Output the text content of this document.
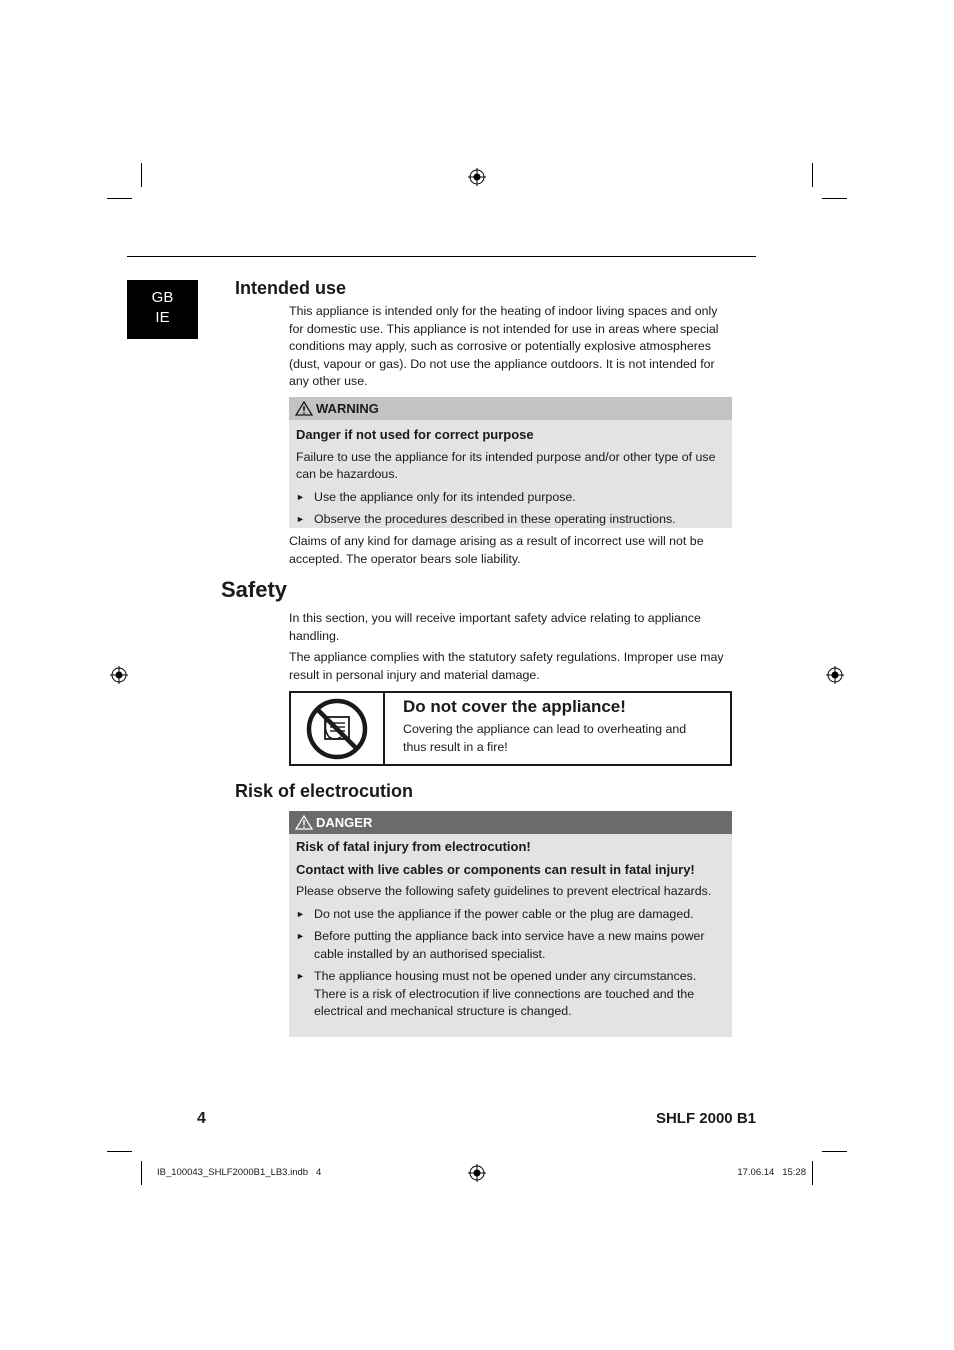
GB
IE
Intended use

This appliance is intended only for the heating of indoor living spaces and only for domestic use. This appliance is not intended for use in areas where special conditions may apply, such as corrosive or potentially explosive atmospheres (dust, vapour or gas). Do not use the appliance outdoors. It is not intended for any other use.

WARNING

Danger if not used for correct purpose

Failure to use the appliance for its intended purpose and/or other type of use can be hazardous.

► Use the appliance only for its intended purpose.
► Observe the procedures described in these operating instructions.

Claims of any kind for damage arising as a result of incorrect use will not be accepted. The operator bears sole liability.

Safety

In this section, you will receive important safety advice relating to appliance handling.

The appliance complies with the statutory safety regulations. Improper use may result in personal injury and material damage.

Do not cover the appliance!

Covering the appliance can lead to overheating and thus result in a fire!

Risk of electrocution
DANGER

Risk of fatal injury from electrocution!

Contact with live cables or components can result in fatal injury!

Please observe the following safety guidelines to prevent electrical hazards.

► Do not use the appliance if the power cable or the plug are damaged.
► Before putting the appliance back into service have a new mains power cable installed by an authorised specialist.
► The appliance housing must not be opened under any circumstances. There is a risk of electrocution if live connections are touched and the electrical and mechanical structure is changed.
4	SHLF 2000 B1
IB_100043_SHLF2000B1_LB3.indb   4	17.06.14   15:28
